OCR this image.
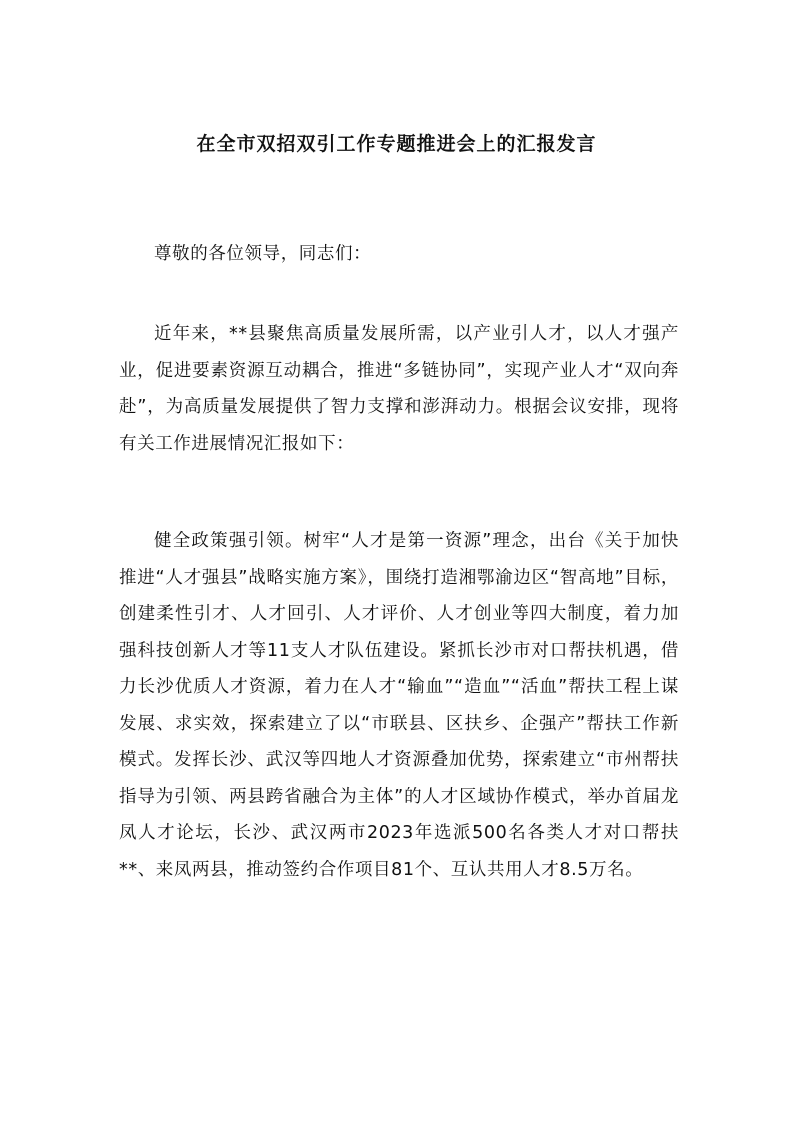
在全市双招双引工作专题推进会上的汇报发言

尊敬的各位领导，同志们：

近年来，**县聚焦高质量发展所需，以产业引人才，以人才强产业，促进要素资源互动耦合，推进“多链协同”，实现产业人才“双向奔赴”，为高质量发展提供了智力支撑和澎湃动力。根据会议安排，现将有关工作进展情况汇报如下：

健全政策强引领。树牢“人才是第一资源”理念，出台《关于加快推进“人才强县”战略实施方案》，围绕打造湘鄂渝边区“智高地”目标，创建柔性引才、人才回引、人才评价、人才创业等四大制度，着力加强科技创新人才等11支人才队伍建设。紧抓长沙市对口帮扶机遇，借力长沙优质人才资源，着力在人才“输血”“造血”“活血”帮扶工程上谋发展、求实效，探索建立了以“市联县、区扶乡、企强产”帮扶工作新模式。发挥长沙、武汉等四地人才资源叠加优势，探索建立“市州帮扶指导为引领、两县跨省融合为主体”的人才区域协作模式，举办首届龙凤人才论坛，长沙、武汉两市2023年选派500名各类人才对口帮扶**、来凤两县，推动签约合作项目81个、互认共用人才8.5万名。
